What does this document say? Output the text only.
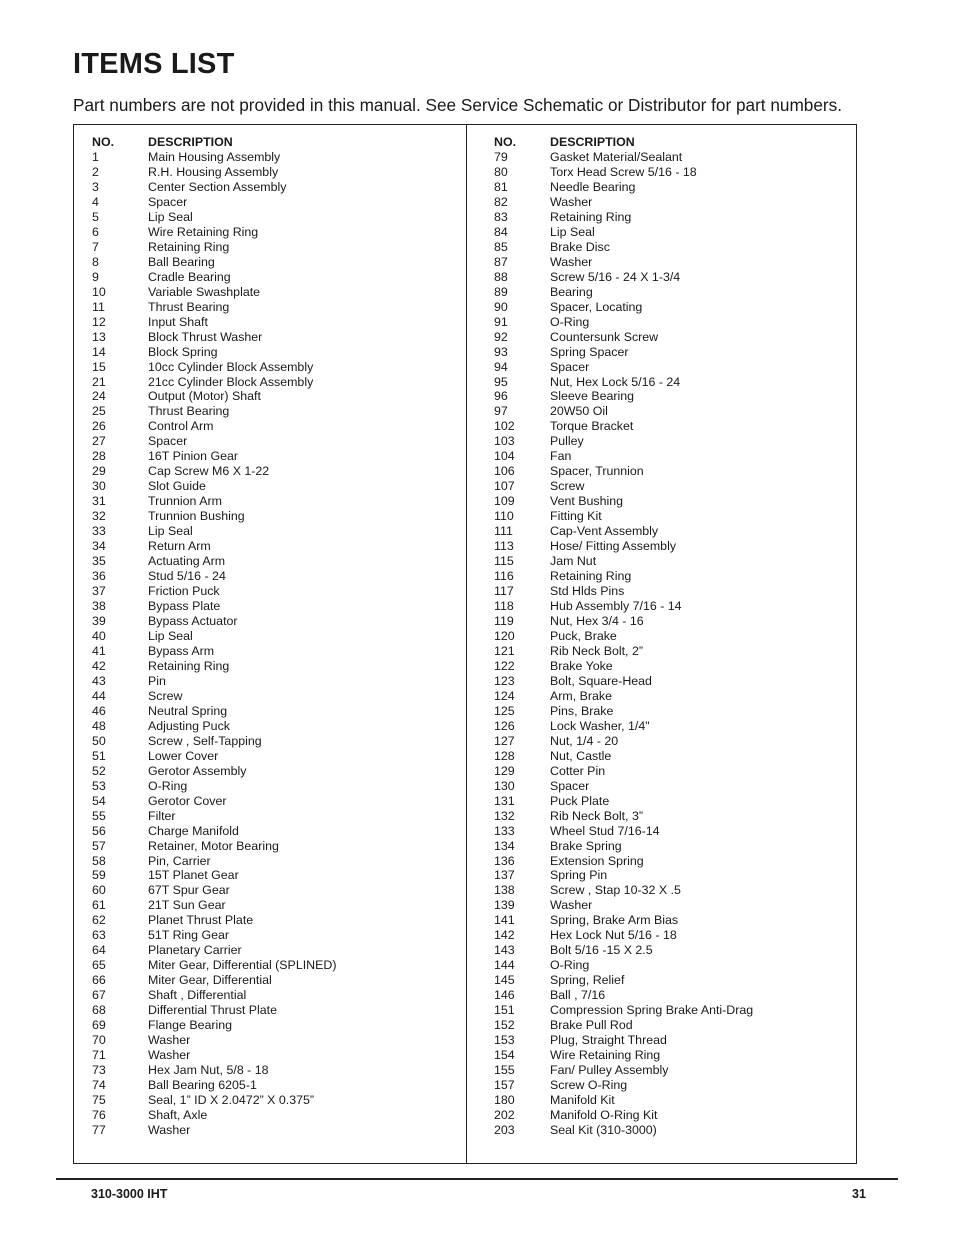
ITEMS LIST

Part numbers are not provided in this manual. See Service Schematic or Distributor for part numbers.

NO.	DESCRIPTION
1	Main Housing Assembly
2	R.H. Housing Assembly
3	Center Section Assembly
4	Spacer
5	Lip Seal
6	Wire Retaining Ring
7	Retaining Ring
8	Ball Bearing
9	Cradle Bearing
10	Variable Swashplate
11	Thrust Bearing
12	Input Shaft
13	Block Thrust Washer
14	Block Spring
15	10cc Cylinder Block Assembly
21	21cc Cylinder Block Assembly
24	Output (Motor) Shaft
25	Thrust Bearing
26	Control Arm
27	Spacer
28	16T Pinion Gear
29	Cap Screw M6 X 1-22
30	Slot Guide
31	Trunnion Arm
32	Trunnion Bushing
33	Lip Seal
34	Return Arm
35	Actuating Arm
36	Stud 5/16 - 24
37	Friction Puck
38	Bypass Plate
39	Bypass Actuator
40	Lip Seal
41	Bypass Arm
42	Retaining Ring
43	Pin
44	Screw
46	Neutral Spring
48	Adjusting Puck
50	Screw , Self-Tapping
51	Lower Cover
52	Gerotor Assembly
53	O-Ring
54	Gerotor Cover
55	Filter
56	Charge Manifold
57	Retainer, Motor Bearing
58	Pin, Carrier
59	15T Planet Gear
60	67T Spur Gear
61	21T Sun Gear
62	Planet Thrust Plate
63	51T Ring Gear
64	Planetary Carrier
65	Miter Gear, Differential (SPLINED)
66	Miter Gear, Differential
67	Shaft , Differential
68	Differential Thrust Plate
69	Flange Bearing
70	Washer
71	Washer
73	Hex Jam Nut, 5/8 - 18
74	Ball Bearing 6205-1
75	Seal, 1” ID X 2.0472” X 0.375”
76	Shaft, Axle
77	Washer
NO.	DESCRIPTION
79	Gasket Material/Sealant
80	Torx Head Screw 5/16 - 18
81	Needle Bearing
82	Washer
83	Retaining Ring
84	Lip Seal
85	Brake Disc
87	Washer
88	Screw 5/16 - 24 X 1-3/4
89	Bearing
90	Spacer, Locating
91	O-Ring
92	Countersunk Screw
93	Spring Spacer
94	Spacer
95	Nut, Hex Lock 5/16 - 24
96	Sleeve Bearing
97	20W50 Oil
102	Torque Bracket
103	Pulley
104	Fan
106	Spacer, Trunnion
107	Screw
109	Vent Bushing
110	Fitting Kit
111	Cap-Vent Assembly
113	Hose/ Fitting Assembly
115	Jam Nut
116	Retaining Ring
117	Std Hlds Pins
118	Hub Assembly 7/16 - 14
119	Nut, Hex 3/4 - 16
120	Puck, Brake
121	Rib Neck Bolt, 2”
122	Brake Yoke
123	Bolt, Square-Head
124	Arm, Brake
125	Pins, Brake
126	Lock Washer, 1/4"
127	Nut, 1/4 - 20
128	Nut, Castle
129	Cotter Pin
130	Spacer
131	Puck Plate
132	Rib Neck Bolt, 3”
133	Wheel Stud 7/16-14
134	Brake Spring
136	Extension Spring
137	Spring Pin
138	Screw , Stap 10-32 X .5
139	Washer
141	Spring, Brake Arm Bias
142	Hex Lock Nut 5/16 - 18
143	Bolt 5/16 -15 X 2.5
144	O-Ring
145	Spring, Relief
146	Ball , 7/16
151	Compression Spring Brake Anti-Drag
152	Brake Pull Rod
153	Plug, Straight Thread
154	Wire Retaining Ring
155	Fan/ Pulley Assembly
157	Screw O-Ring
180	Manifold Kit
202	Manifold O-Ring Kit
203	Seal Kit (310-3000)
310-3000 IHT	31
